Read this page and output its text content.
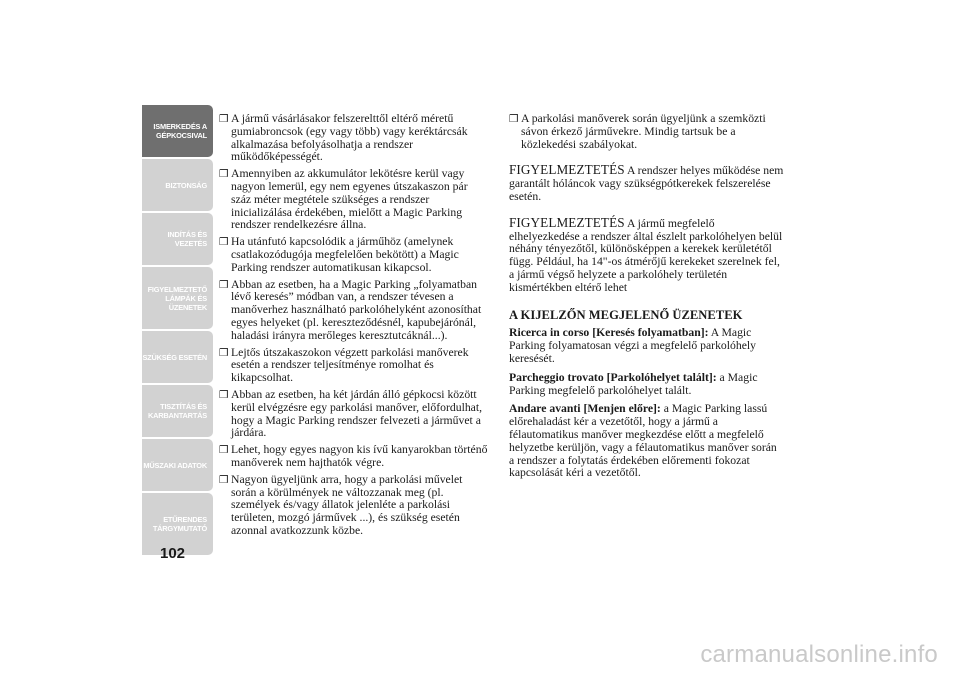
ISMERKEDÉS A
GÉPKOCSIVAL
BIZTONSÁG
INDÍTÁS ÉS
VEZETÉS
FIGYELMEZTETŐ
LÁMPÁK ÉS
ÜZENETEK
SZÜKSÉG ESETÉN
TISZTÍTÁS ÉS
KARBANTARTÁS
MŰSZAKI ADATOK
ETŰRENDES
TÁRGYMUTATÓ
102

❒ A jármű vásárlásakor felszerelttől eltérő méretű gumiabroncsok (egy vagy több) vagy keréktárcsák alkalmazása befolyásolhatja a rendszer működőképességét.

❒ Amennyiben az akkumulátor lekötésre kerül vagy nagyon lemerül, egy nem egyenes útszakaszon pár száz méter megtétele szükséges a rendszer inicializálása érdekében, mielőtt a Magic Parking rendszer rendelkezésre állna.

❒ Ha utánfutó kapcsolódik a járműhöz (amelynek csatlakozódugója megfelelően bekötött) a Magic Parking rendszer automatikusan kikapcsol.

❒ Abban az esetben, ha a Magic Parking „folyamatban lévő keresés” módban van, a rendszer tévesen a manőverhez használható parkolóhelyként azonosíthat egyes helyeket (pl. kereszteződésnél, kapubejárónál, haladási irányra merőleges keresztutcáknál...).

❒ Lejtős útszakaszokon végzett parkolási manőverek esetén a rendszer teljesítménye romolhat és kikapcsolhat.

❒ Abban az esetben, ha két járdán álló gépkocsi között kerül elvégzésre egy parkolási manőver, előfordulhat, hogy a Magic Parking rendszer felvezeti a járművet a járdára.

❒ Lehet, hogy egyes nagyon kis ívű kanyarokban történő manőverek nem hajthatók végre.

❒ Nagyon ügyeljünk arra, hogy a parkolási művelet során a körülmények ne változzanak meg (pl. személyek és/vagy állatok jelenléte a parkolási területen, mozgó járművek ...), és szükség esetén azonnal avatkozzunk közbe.

❒ A parkolási manőverek során ügyeljünk a szemközti sávon érkező járművekre. Mindig tartsuk be a közlekedési szabályokat.

FIGYELMEZTETÉS A rendszer helyes működése nem garantált hóláncok vagy szükségpótkerekek felszerelése esetén.

FIGYELMEZTETÉS A jármű megfelelő elhelyezkedése a rendszer által észlelt parkolóhelyen belül néhány tényezőtől, különösképpen a kerekek kerületétől függ. Például, ha 14"-os átmérőjű kerekeket szerelnek fel, a jármű végső helyzete a parkolóhely területén kismértékben eltérő lehet

A KIJELZŐN MEGJELENŐ ÜZENETEK

Ricerca in corso [Keresés folyamatban]: A Magic Parking folyamatosan végzi a megfelelő parkolóhely keresését.

Parcheggio trovato [Parkolóhelyet talált]: a Magic Parking megfelelő parkolóhelyet talált.

Andare avanti [Menjen előre]: a Magic Parking lassú előrehaladást kér a vezetőtől, hogy a jármű a félautomatikus manőver megkezdése előtt a megfelelő helyzetbe kerüljön, vagy a félautomatikus manőver során a rendszer a folytatás érdekében előrementi fokozat kapcsolását kéri a vezetőtől.

carmanualsonline.info
